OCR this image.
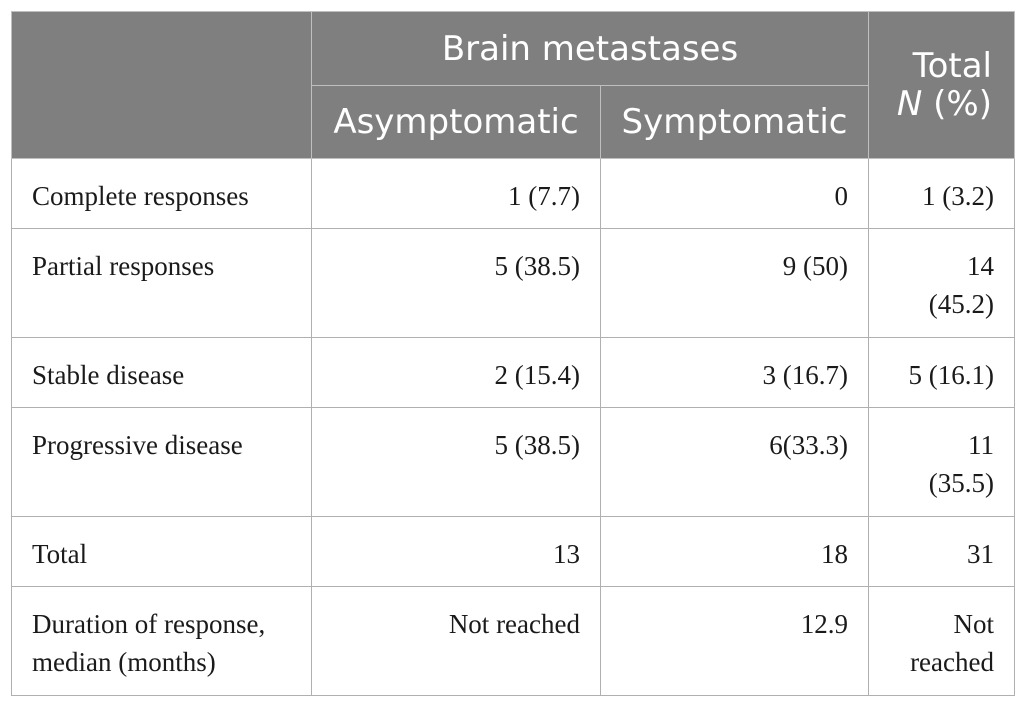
	Brain metastases		Total
N (%)
	Asymptomatic	Symptomatic	
Complete responses	1 (7.7)	0	1 (3.2)
Partial responses	5 (38.5)	9 (50)	14
(45.2)
Stable disease	2 (15.4)	3 (16.7)	5 (16.1)
Progressive disease	5 (38.5)	6(33.3)	11
(35.5)
Total	13	18	31
Duration of response,
median (months)	Not reached	12.9	Not
reached
